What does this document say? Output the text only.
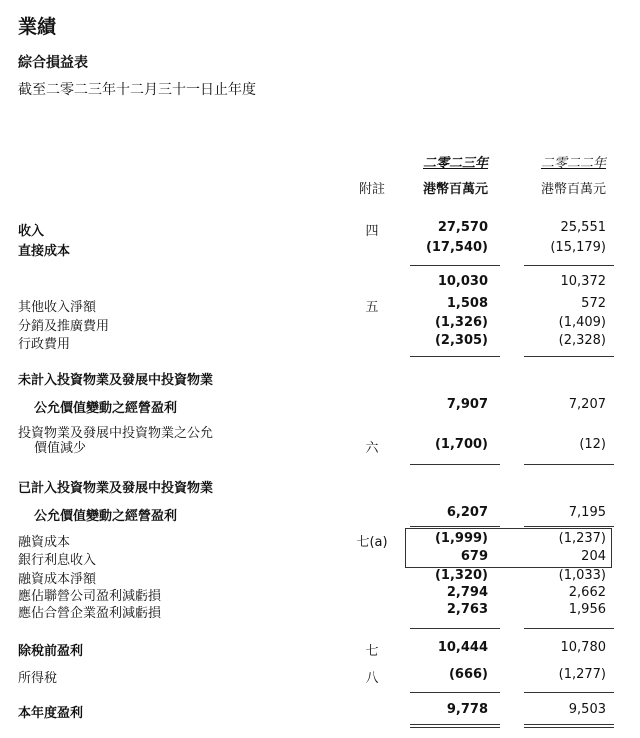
業績
綜合損益表
截至二零二三年十二月三十一日止年度
二零二三年	二零二二年
附註	港幣百萬元	港幣百萬元
收入	四	27,570	25,551
直接成本	(17,540)	(15,179)
10,030	10,372
其他收入淨額	五	1,508	572
分銷及推廣費用	(1,326)	(1,409)
行政費用	(2,305)	(2,328)
未計入投資物業及發展中投資物業
公允價值變動之經營盈利	7,907	7,207
投資物業及發展中投資物業之公允
價值減少	六	(1,700)	(12)
已計入投資物業及發展中投資物業
公允價值變動之經營盈利	6,207	7,195
融資成本	七(a)	(1,999)	(1,237)
銀行利息收入	679	204
融資成本淨額	(1,320)	(1,033)
應佔聯營公司盈利減虧損	2,794	2,662
應佔合營企業盈利減虧損	2,763	1,956
除稅前盈利	七	10,444	10,780
所得稅	八	(666)	(1,277)
本年度盈利	9,778	9,503
